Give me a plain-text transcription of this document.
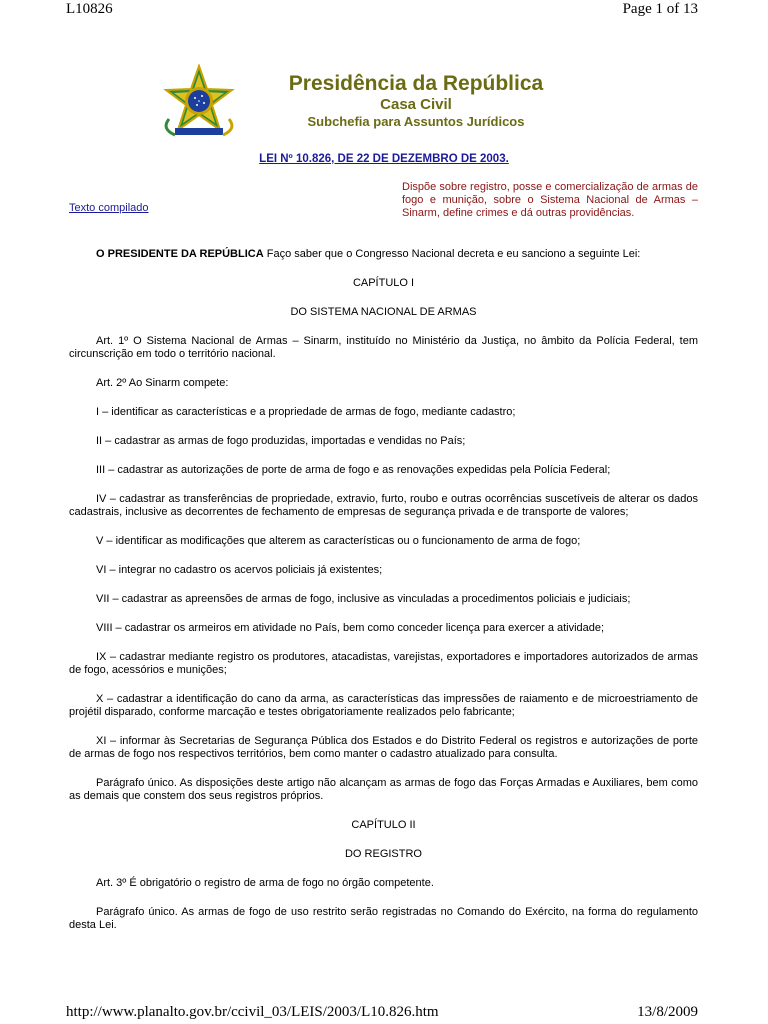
L10826	Page 1 of 13
Presidência da República
Casa Civil
Subchefia para Assuntos Jurídicos
LEI Nº 10.826, DE 22 DE DEZEMBRO DE 2003.
Dispõe sobre registro, posse e comercialização de armas de fogo e munição, sobre o Sistema Nacional de Armas – Sinarm, define crimes e dá outras providências.
Texto compilado

O PRESIDENTE DA REPÚBLICA Faço saber que o Congresso Nacional decreta e eu sanciono a seguinte Lei:

CAPÍTULO I

DO SISTEMA NACIONAL DE ARMAS

Art. 1º O Sistema Nacional de Armas – Sinarm, instituído no Ministério da Justiça, no âmbito da Polícia Federal, tem circunscrição em todo o território nacional.

Art. 2º Ao Sinarm compete:

I – identificar as características e a propriedade de armas de fogo, mediante cadastro;

II – cadastrar as armas de fogo produzidas, importadas e vendidas no País;

III – cadastrar as autorizações de porte de arma de fogo e as renovações expedidas pela Polícia Federal;

IV – cadastrar as transferências de propriedade, extravio, furto, roubo e outras ocorrências suscetíveis de alterar os dados cadastrais, inclusive as decorrentes de fechamento de empresas de segurança privada e de transporte de valores;

V – identificar as modificações que alterem as características ou o funcionamento de arma de fogo;

VI – integrar no cadastro os acervos policiais já existentes;

VII – cadastrar as apreensões de armas de fogo, inclusive as vinculadas a procedimentos policiais e judiciais;

VIII – cadastrar os armeiros em atividade no País, bem como conceder licença para exercer a atividade;

IX – cadastrar mediante registro os produtores, atacadistas, varejistas, exportadores e importadores autorizados de armas de fogo, acessórios e munições;

X – cadastrar a identificação do cano da arma, as características das impressões de raiamento e de microestriamento de projétil disparado, conforme marcação e testes obrigatoriamente realizados pelo fabricante;

XI – informar às Secretarias de Segurança Pública dos Estados e do Distrito Federal os registros e autorizações de porte de armas de fogo nos respectivos territórios, bem como manter o cadastro atualizado para consulta.

Parágrafo único. As disposições deste artigo não alcançam as armas de fogo das Forças Armadas e Auxiliares, bem como as demais que constem dos seus registros próprios.

CAPÍTULO II

DO REGISTRO

Art. 3º É obrigatório o registro de arma de fogo no órgão competente.

Parágrafo único. As armas de fogo de uso restrito serão registradas no Comando do Exército, na forma do regulamento desta Lei.

http://www.planalto.gov.br/ccivil_03/LEIS/2003/L10.826.htm	13/8/2009
